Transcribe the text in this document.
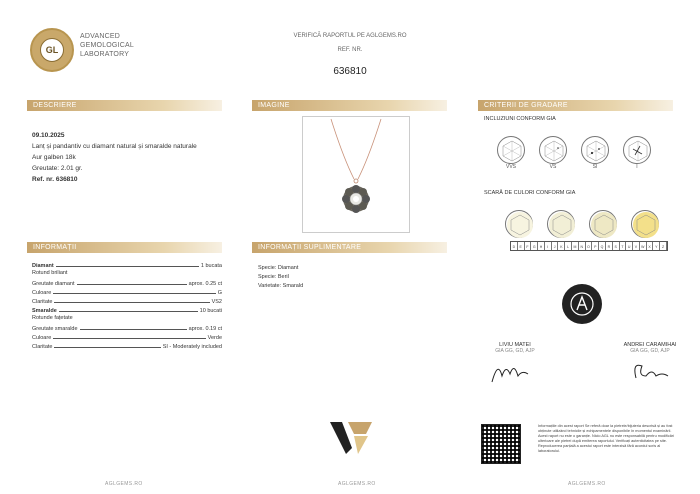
GL
ADVANCED
GEMOLOGICAL
LABORATORY
VERIFICĂ RAPORTUL PE AGLGEMS.RO
REF. NR.
636810
DESCRIERE	IMAGINE	CRITERII DE GRADARE
INFORMAȚII	INFORMAȚII SUPLIMENTARE
09.10.2025
Lanț și pandantiv cu diamant natural și smaralde naturale
Aur galben 18k
Greutate: 2.01 gr.
Ref. nr. 636810
INCLUZIUNI CONFORM GIA
VVS	VS	SI	I
SCARĂ DE CULORI CONFORM GIA
D	E	F	G	H	I	J	K	L	M	N	O	P	Q	R	S	T	U	V	W	X	Y	Z
Diamant	1 bucata
Rotund briliant
Greutate diamant	aprox. 0.25 ct
Culoare	G
Claritate	VS2
Smaralde	10 bucati
Rotunde fațetate
Greutate smaralde	aprox. 0.19 ct
Culoare	Verde
Claritate	SI - Moderately included
Specie: Diamant
Specie: Beril
Varietate: Smarald
LIVIU MATEI
GIA GG, GD, AJP
ANDREI CARAMIHAI
GIA GG, GD, AJP
Informațiile din acest raport Se referă doar la pietrele/bijuteria descrisă și au fost obținute utilizând tehnicile și echipamentele disponibile în momentul examinării. Acest raport nu este o garanție. Nicio AGL nu este responsabilă pentru modificări ulterioare ale pietrei după emiterea raportului. Verificați autenticitatea pe site. Reproducerea parțială a acestui raport este interzisă fără acordul scris al laboratorului.
AGLGEMS.RO	AGLGEMS.RO	AGLGEMS.RO
